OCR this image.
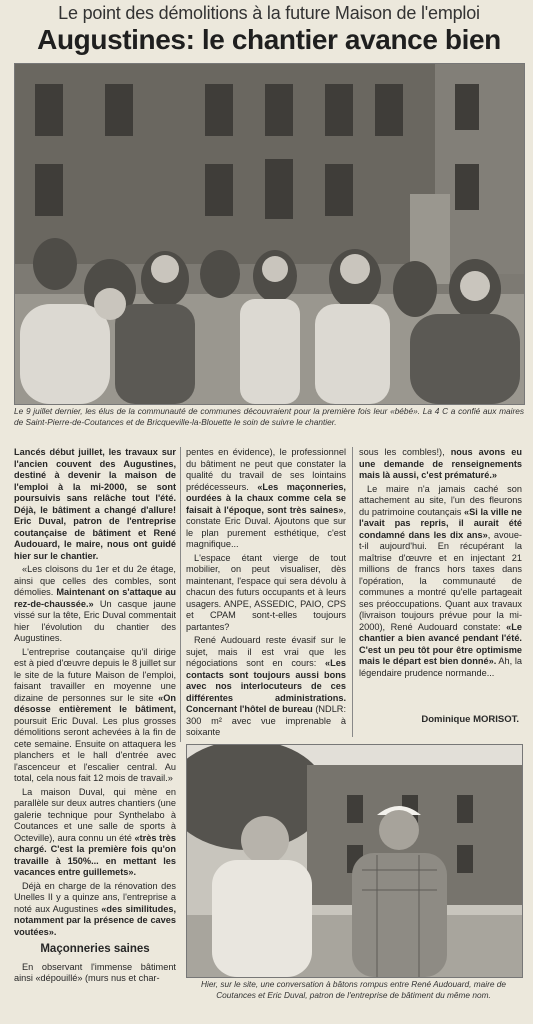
Le point des démolitions à la future Maison de l'emploi
Augustines: le chantier avance bien
Le 9 juillet dernier, les élus de la communauté de communes découvraient pour la première fois leur «bébé». La 4 C a confié aux maires de Saint-Pierre-de-Coutances et de Bricqueville-la-Blouette le soin de suivre le chantier.

Lancés début juillet, les travaux sur l'ancien couvent des Augustines, destiné à devenir la maison de l'emploi à la mi-2000, se sont poursuivis sans relâche tout l'été. Déjà, le bâtiment a changé d'allure! Eric Duval, patron de l'entreprise coutançaise de bâtiment et René Audouard, le maire, nous ont guidé hier sur le chantier.

«Les cloisons du 1er et du 2e étage, ainsi que celles des combles, sont démolies. Maintenant on s'attaque au rez-de-chaussée.» Un casque jaune vissé sur la tête, Eric Duval commentait hier l'évolution du chantier des Augustines.

L'entreprise coutançaise qu'il dirige est à pied d'œuvre depuis le 8 juillet sur le site de la future Maison de l'emploi, faisant travailler en moyenne une dizaine de personnes sur le site «On désosse entièrement le bâtiment, poursuit Eric Duval. Les plus grosses démolitions seront achevées à la fin de cete semaine. Ensuite on attaquera les planchers et le hall d'entrée avec l'ascenceur et l'escalier central. Au total, cela nous fait 12 mois de travail.»

La maison Duval, qui mène en parallèle sur deux autres chantiers (une galerie technique pour Synthelabo à Coutances et une salle de sports à Octeville), aura connu un été «très très chargé. C'est la première fois qu'on travaille à 150%... en mettant les vacances entre guillemets».

Déjà en charge de la rénovation des Unelles II y a quinze ans, l'entreprise a noté aux Augustines «des similitudes, notamment par la présence de caves voutées».

Maçonneries saines

En observant l'immense bâtiment ainsi «dépouillé» (murs nus et char-

pentes en évidence), le professionnel du bâtiment ne peut que constater la qualité du travail de ses lointains prédécesseurs. «Les maçonneries, ourdées à la chaux comme cela se faisait à l'époque, sont très saines», constate Eric Duval. Ajoutons que sur le plan purement esthétique, c'est magnifique...

L'espace étant vierge de tout mobilier, on peut visualiser, dès maintenant, l'espace qui sera dévolu à chacun des futurs occupants et à leurs usagers. ANPE, ASSEDIC, PAIO, CPS et CPAM sont-t-elles toujours partantes?

René Audouard reste évasif sur le sujet, mais il est vrai que les négociations sont en cours: «Les contacts sont toujours aussi bons avec nos interlocuteurs de ces différentes administrations. Concernant l'hôtel de bureau (NDLR: 300 m² avec vue imprenable à soixante

sous les combles!), nous avons eu une demande de renseignements mais là aussi, c'est prématuré.»

Le maire n'a jamais caché son attachement au site, l'un des fleurons du patrimoine coutançais «Si la ville ne l'avait pas repris, il aurait été condamné dans les dix ans», avoue-t-il aujourd'hui. En récupérant la maîtrise d'œuvre et en injectant 21 millions de francs hors taxes dans l'opération, la communauté de communes a montré qu'elle partageait ses préoccupations. Quant aux travaux (livraison toujours prévue pour la mi-2000), René Audouard constate: «Le chantier a bien avancé pendant l'été. C'est un peu tôt pour être optimisme mais le départ est bien donné». Ah, la légendaire prudence normande...

Dominique MORISOT.
Hier, sur le site, une conversation à bâtons rompus entre René Audouard, maire de Coutances et Eric Duval, patron de l'entreprise de bâtiment du même nom.
